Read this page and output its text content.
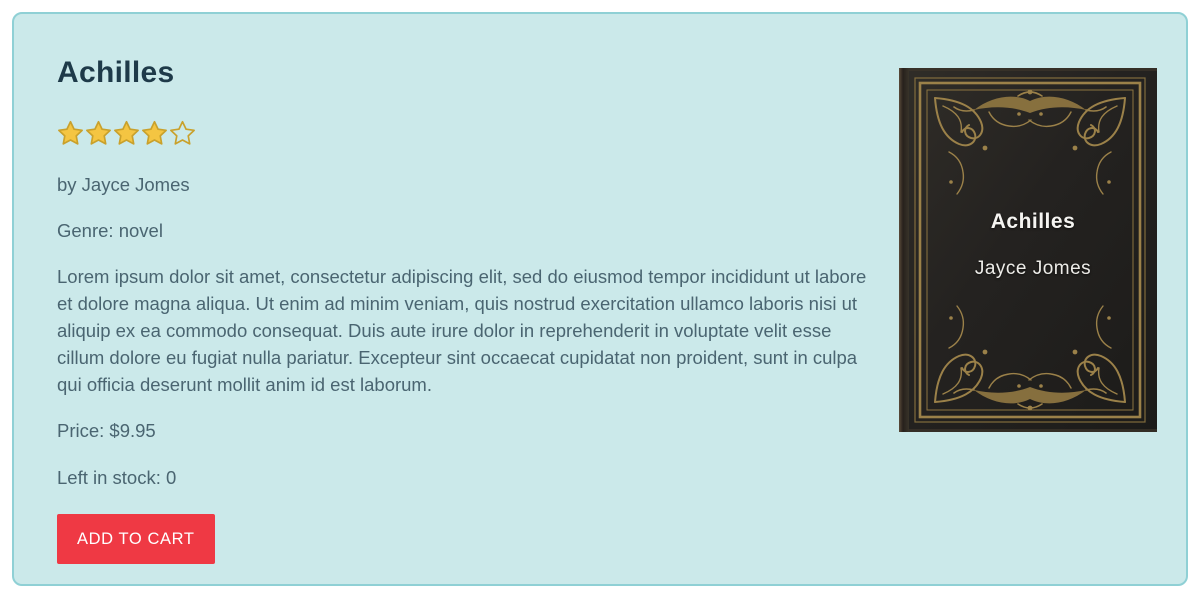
Achilles

by Jayce Jomes

Genre: novel

Lorem ipsum dolor sit amet, consectetur adipiscing elit, sed do eiusmod tempor incididunt ut labore et dolore magna aliqua. Ut enim ad minim veniam, quis nostrud exercitation ullamco laboris nisi ut aliquip ex ea commodo consequat. Duis aute irure dolor in reprehenderit in voluptate velit esse cillum dolore eu fugiat nulla pariatur. Excepteur sint occaecat cupidatat non proident, sunt in culpa qui officia deserunt mollit anim id est laborum.

Price: $9.95

Left in stock: 0

ADD TO CART
Achilles
Jayce Jomes
